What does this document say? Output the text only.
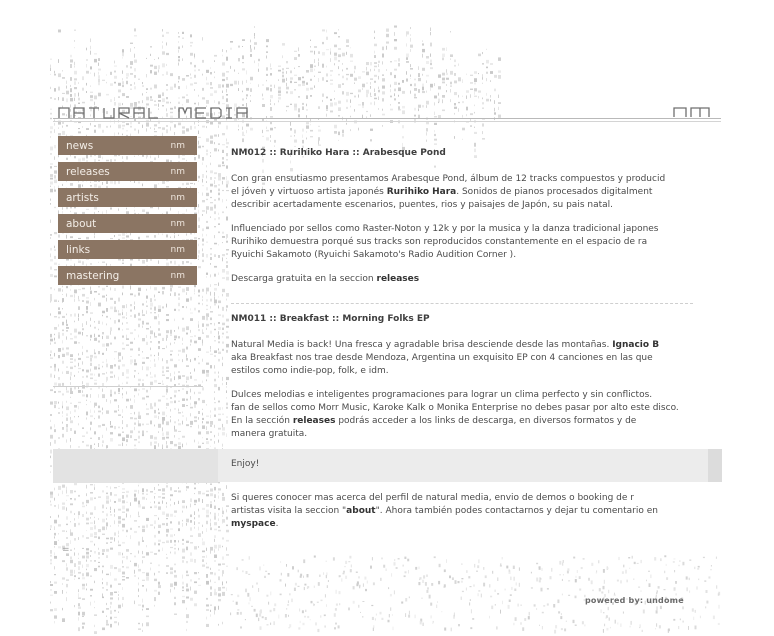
news	nm
releases	nm
artists	nm
about	nm
links	nm
mastering	nm
=

NM012 :: Rurihiko Hara :: Arabesque Pond

Con gran ensutiasmo presentamos Arabesque Pond, álbum de 12 tracks compuestos y producid

el jóven y virtuoso artista japonés Rurihiko Hara. Sonidos de pianos procesados digitalment

describir acertadamente escenarios, puentes, rios y paisajes de Japón, su pais natal.

Influenciado por sellos como Raster-Noton y 12k y por la musica y la danza tradicional japones

Rurihiko demuestra porqué sus tracks son reproducidos constantemente en el espacio de ra

Ryuichi Sakamoto (Ryuichi Sakamoto's Radio Audition Corner ).

Descarga gratuita en la seccion releases

NM011 :: Breakfast :: Morning Folks EP

Natural Media is back! Una fresca y agradable brisa desciende desde las montañas. Ignacio B

aka Breakfast nos trae desde Mendoza, Argentina un exquisito EP con 4 canciones en las que

estilos como indie-pop, folk, e idm.

Dulces melodias e inteligentes programaciones para lograr un clima perfecto y sin conflictos.

fan de sellos como Morr Music, Karoke Kalk o Monika Enterprise no debes pasar por alto este disco.

En la sección releases podrás acceder a los links de descarga, en diversos formatos y de

manera gratuita.

Si queres conocer mas acerca del perfil de natural media, envio de demos o booking de r

artistas visita la seccion "about". Ahora también podes contactarnos y dejar tu comentario en

myspace.

Enjoy!
powered by: undome
